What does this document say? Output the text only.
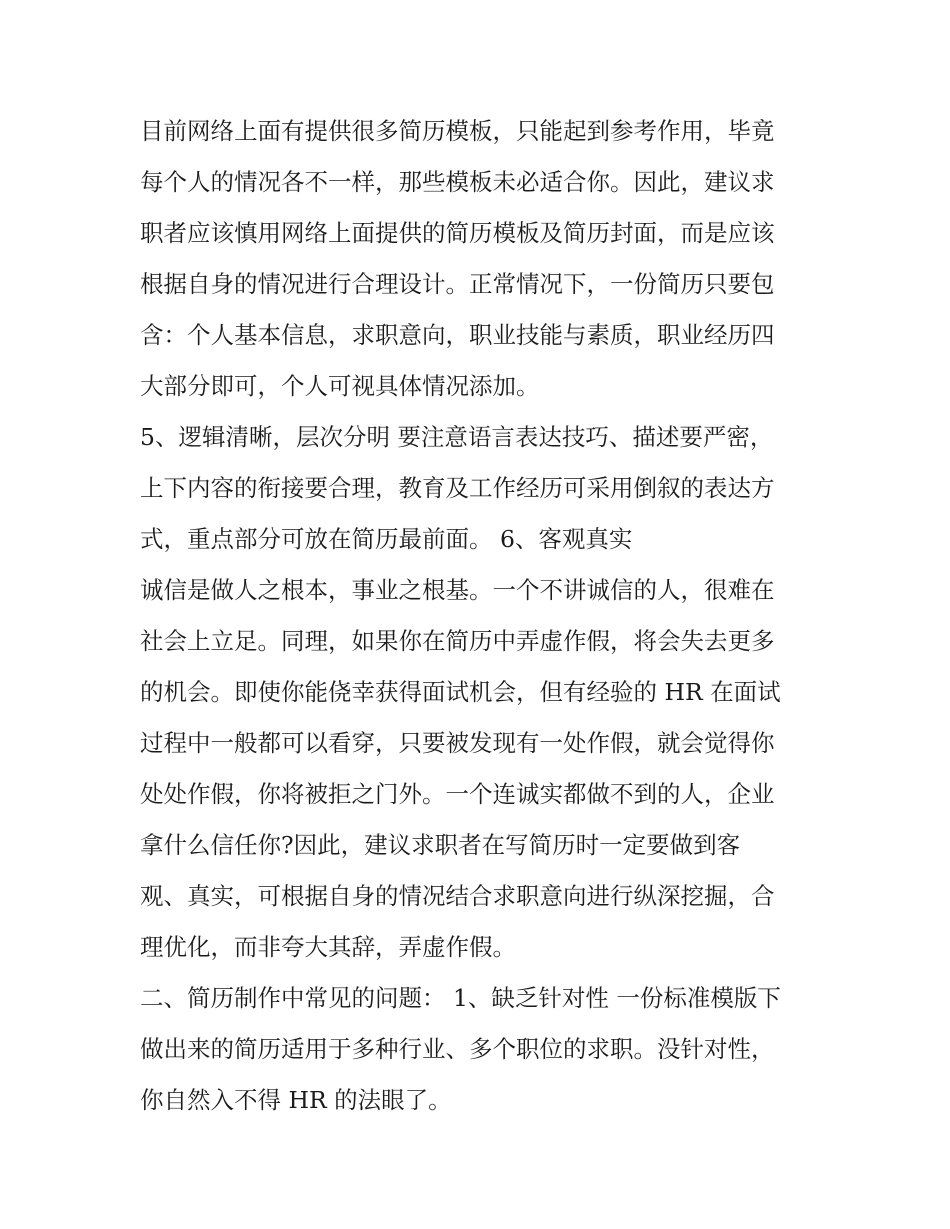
目前网络上面有提供很多简历模板，只能起到参考作用，毕竟
每个人的情况各不一样，那些模板未必适合你。因此，建议求
职者应该慎用网络上面提供的简历模板及简历封面，而是应该
根据自身的情况进行合理设计。正常情况下，一份简历只要包
含：个人基本信息，求职意向，职业技能与素质，职业经历四
大部分即可，个人可视具体情况添加。
5、逻辑清晰，层次分明 要注意语言表达技巧、描述要严密，
上下内容的衔接要合理，教育及工作经历可采用倒叙的表达方
式，重点部分可放在简历最前面。 6、客观真实
诚信是做人之根本，事业之根基。一个不讲诚信的人，很难在
社会上立足。同理，如果你在简历中弄虚作假，将会失去更多
的机会。即使你能侥幸获得面试机会，但有经验的 HR 在面试
过程中一般都可以看穿，只要被发现有一处作假，就会觉得你
处处作假，你将被拒之门外。一个连诚实都做不到的人，企业
拿什么信任你?因此，建议求职者在写简历时一定要做到客
观、真实，可根据自身的情况结合求职意向进行纵深挖掘，合
理优化，而非夸大其辞，弄虚作假。
二、简历制作中常见的问题： 1、缺乏针对性 一份标准模版下
做出来的简历适用于多种行业、多个职位的求职。没针对性，
你自然入不得 HR 的法眼了。
